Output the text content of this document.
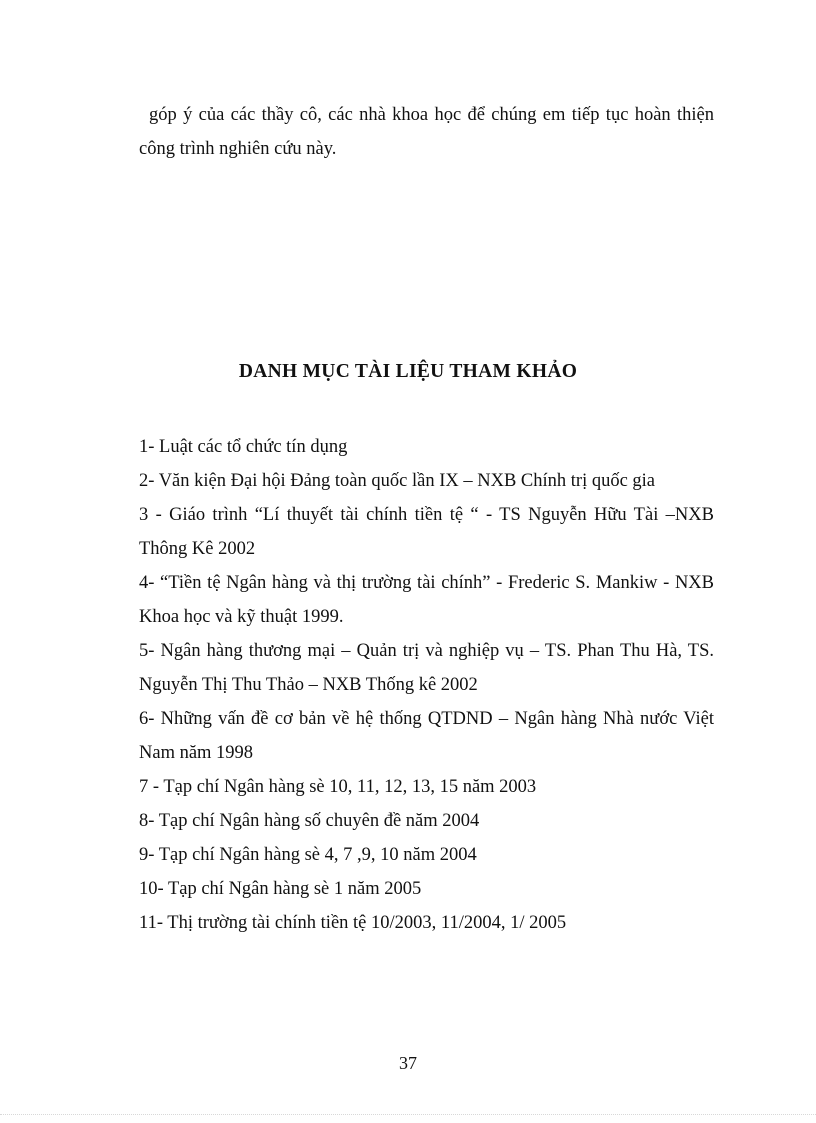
góp ý của các thầy cô, các nhà khoa học để chúng em tiếp tục hoàn thiện công trình nghiên cứu này.

DANH MỤC TÀI LIỆU THAM KHẢO
1- Luật các tổ chức tín dụng
2- Văn kiện Đại hội Đảng toàn quốc lần IX – NXB Chính trị quốc gia
3 - Giáo trình “Lí thuyết tài chính tiền tệ “ - TS Nguyễn Hữu Tài –NXB Thông Kê 2002
4- “Tiền tệ Ngân hàng và thị trường tài chính” - Frederic S. Mankiw - NXB Khoa học và kỹ thuật 1999.
5- Ngân hàng thương mại – Quản trị và nghiệp vụ – TS. Phan Thu Hà, TS. Nguyễn Thị Thu Thảo – NXB Thống kê 2002
6- Những vấn đề cơ bản về hệ thống QTDND – Ngân hàng Nhà nước Việt Nam năm 1998
7 - Tạp chí Ngân hàng sè 10, 11, 12, 13, 15 năm 2003
8- Tạp chí Ngân hàng số chuyên đề năm 2004
9- Tạp chí Ngân hàng sè 4, 7 ,9, 10 năm 2004
10- Tạp chí Ngân hàng sè 1 năm 2005
11- Thị trường tài chính tiền tệ 10/2003, 11/2004, 1/ 2005
37
